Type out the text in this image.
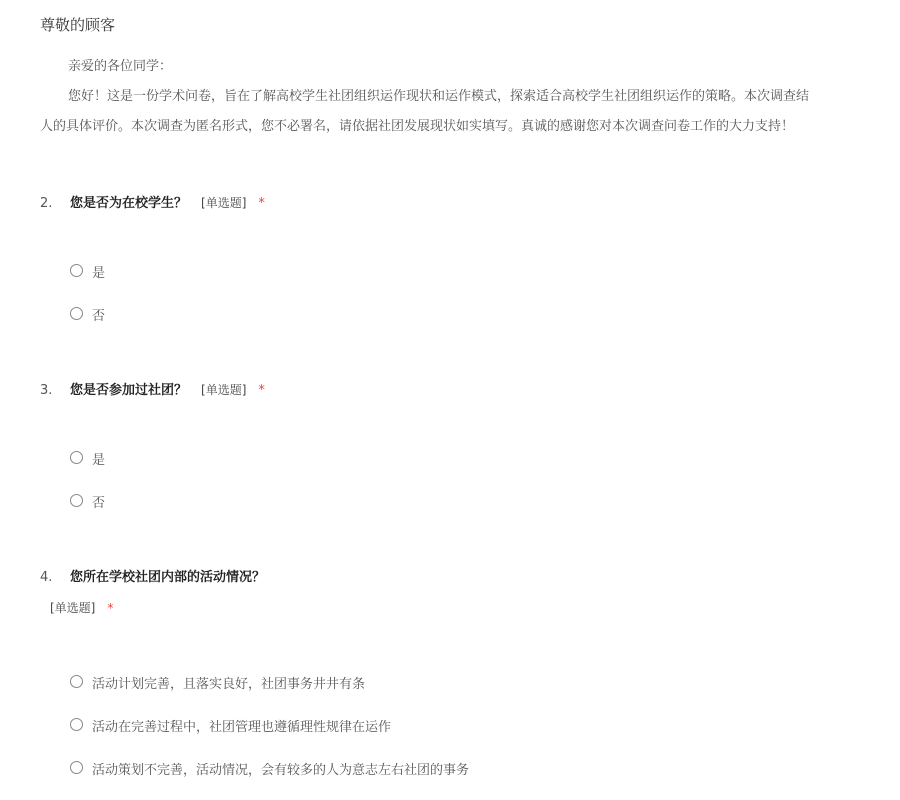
尊敬的顾客
亲爱的各位同学：
您好！这是一份学术问卷，旨在了解高校学生社团组织运作现状和运作模式，探索适合高校学生社团组织运作的策略。本次调查结
人的具体评价。本次调查为匿名形式，您不必署名，请依据社团发展现状如实填写。真诚的感谢您对本次调查问卷工作的大力支持！
2. 您是否为在校学生？ [单选题] *
是
否
3. 您是否参加过社团？ [单选题] *
是
否
4. 您所在学校社团内部的活动情况？
[单选题] *
活动计划完善，且落实良好，社团事务井井有条
活动在完善过程中，社团管理也遵循理性规律在运作
活动策划不完善，活动情况，会有较多的人为意志左右社团的事务
